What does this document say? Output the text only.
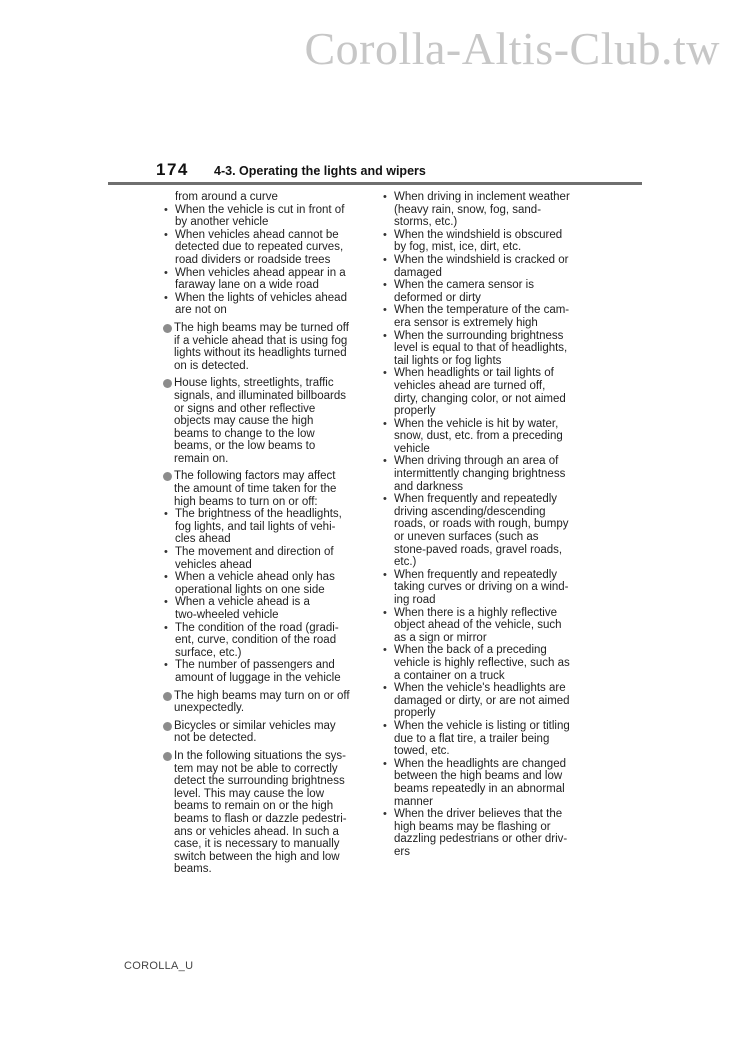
Corolla-Altis-Club.tw
174 4-3. Operating the lights and wipers
from around a curve
• When the vehicle is cut in front of
by another vehicle
• When vehicles ahead cannot be
detected due to repeated curves,
road dividers or roadside trees
• When vehicles ahead appear in a
faraway lane on a wide road
• When the lights of vehicles ahead
are not on
The high beams may be turned off
if a vehicle ahead that is using fog
lights without its headlights turned
on is detected.
House lights, streetlights, traffic
signals, and illuminated billboards
or signs and other reflective
objects may cause the high
beams to change to the low
beams, or the low beams to
remain on.
The following factors may affect
the amount of time taken for the
high beams to turn on or off:
• The brightness of the headlights,
fog lights, and tail lights of vehi-
cles ahead
• The movement and direction of
vehicles ahead
• When a vehicle ahead only has
operational lights on one side
• When a vehicle ahead is a
two-wheeled vehicle
• The condition of the road (gradi-
ent, curve, condition of the road
surface, etc.)
• The number of passengers and
amount of luggage in the vehicle
The high beams may turn on or off
unexpectedly.
Bicycles or similar vehicles may
not be detected.
In the following situations the sys-
tem may not be able to correctly
detect the surrounding brightness
level. This may cause the low
beams to remain on or the high
beams to flash or dazzle pedestri-
ans or vehicles ahead. In such a
case, it is necessary to manually
switch between the high and low
beams.
• When driving in inclement weather
(heavy rain, snow, fog, sand-
storms, etc.)
• When the windshield is obscured
by fog, mist, ice, dirt, etc.
• When the windshield is cracked or
damaged
• When the camera sensor is
deformed or dirty
• When the temperature of the cam-
era sensor is extremely high
• When the surrounding brightness
level is equal to that of headlights,
tail lights or fog lights
• When headlights or tail lights of
vehicles ahead are turned off,
dirty, changing color, or not aimed
properly
• When the vehicle is hit by water,
snow, dust, etc. from a preceding
vehicle
• When driving through an area of
intermittently changing brightness
and darkness
• When frequently and repeatedly
driving ascending/descending
roads, or roads with rough, bumpy
or uneven surfaces (such as
stone-paved roads, gravel roads,
etc.)
• When frequently and repeatedly
taking curves or driving on a wind-
ing road
• When there is a highly reflective
object ahead of the vehicle, such
as a sign or mirror
• When the back of a preceding
vehicle is highly reflective, such as
a container on a truck
• When the vehicle's headlights are
damaged or dirty, or are not aimed
properly
• When the vehicle is listing or titling
due to a flat tire, a trailer being
towed, etc.
• When the headlights are changed
between the high beams and low
beams repeatedly in an abnormal
manner
• When the driver believes that the
high beams may be flashing or
dazzling pedestrians or other driv-
ers
COROLLA_U
